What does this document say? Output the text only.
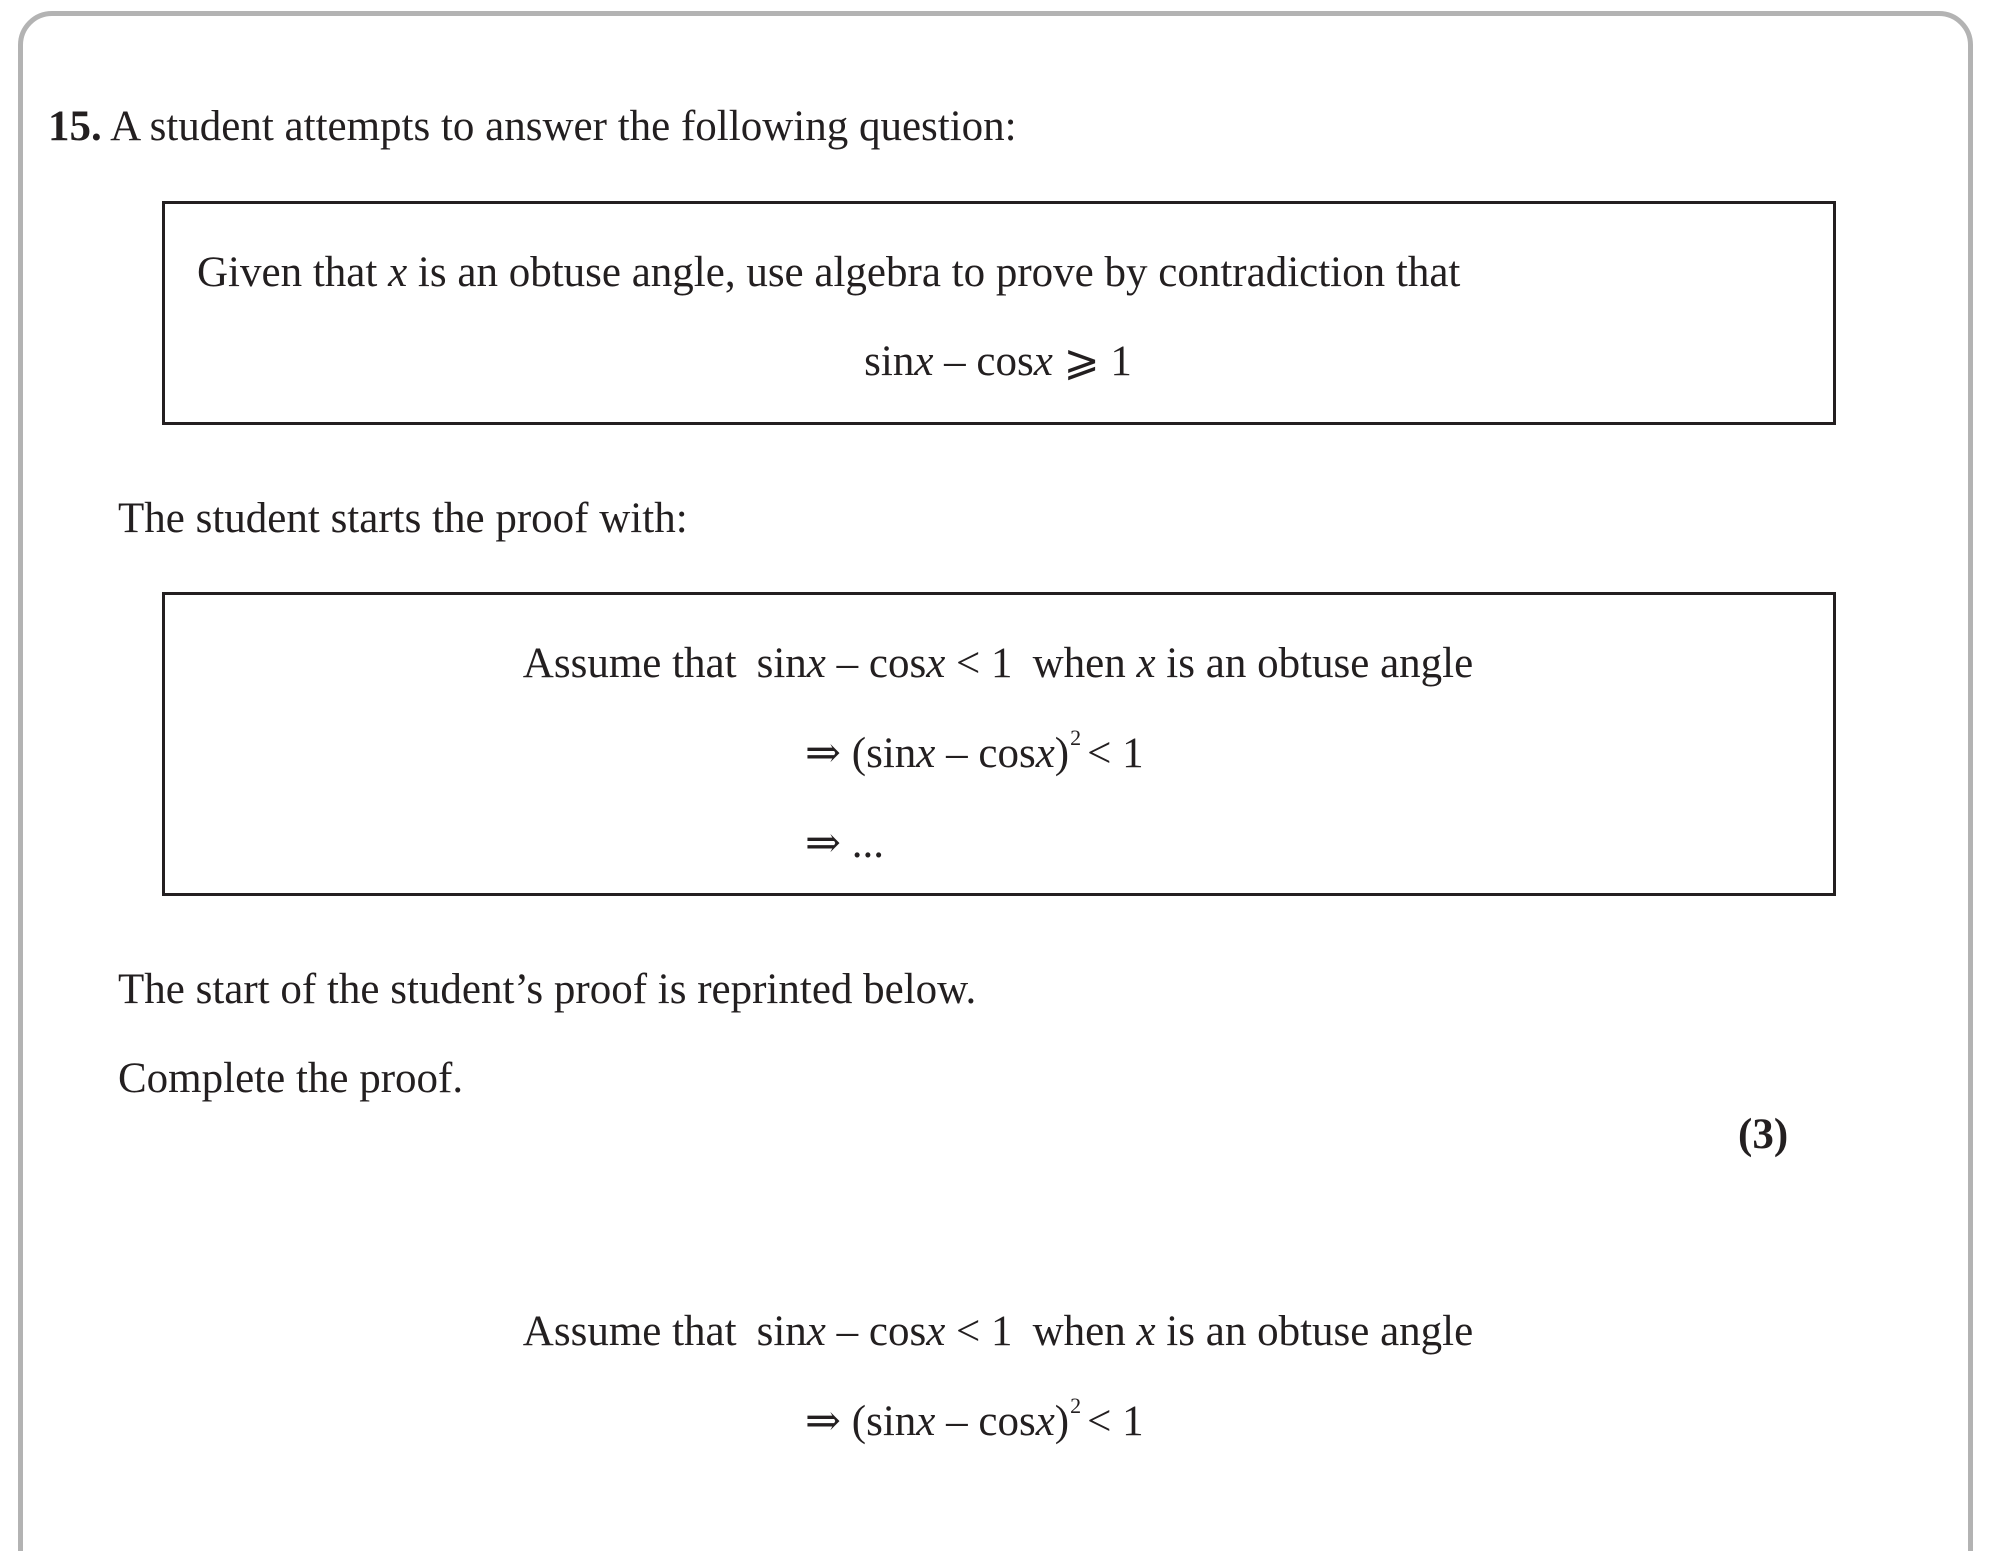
15. A student attempts to answer the following question:
Given that x is an obtuse angle, use algebra to prove by contradiction that
sinx – cosx ⩾ 1
The student starts the proof with:
Assume that sinx – cosx < 1 when x is an obtuse angle
⇒ (sinx – cosx)$^2$ < 1
⇒ ...
The start of the student’s proof is reprinted below.
Complete the proof.
(3)
Assume that sinx – cosx < 1 when x is an obtuse angle
⇒ (sinx – cosx)$^2$ < 1
